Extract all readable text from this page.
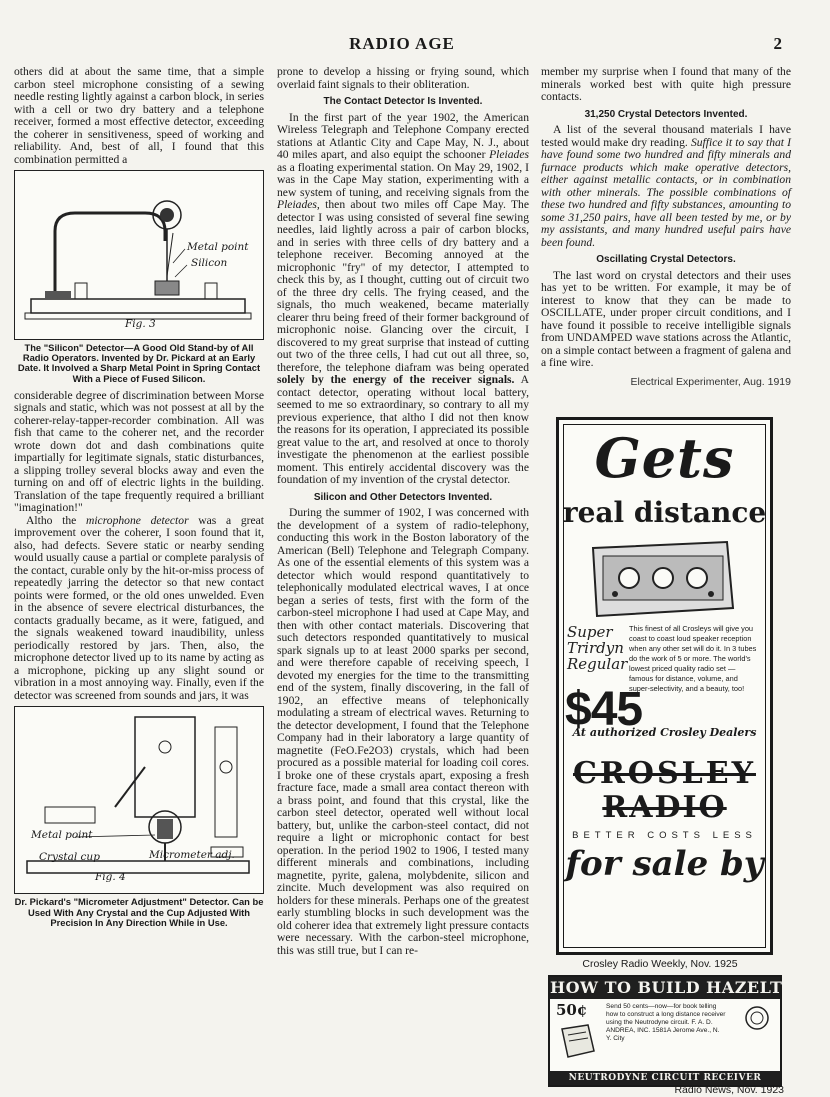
RADIO AGE	2

others did at about the same time, that a simple carbon steel microphone consisting of a sewing needle resting lightly against a carbon block, in series with a cell or two dry battery and a telephone receiver, formed a most effective detector, exceeding the coherer in sensitiveness, speed of working and reliability. And, best of all, I found that this combination permitted a

Metal point
Silicon
Fig. 3
The "Silicon" Detector—A Good Old Stand-by of All Radio Operators. Invented by Dr. Pickard at an Early Date. It Involved a Sharp Metal Point in Spring Contact With a Piece of Fused Silicon.

considerable degree of discrimination between Morse signals and static, which was not possest at all by the coherer-relay-tapper-recorder combination. All was fish that came to the coherer net, and the recorder wrote down dot and dash combinations quite impartially for legitimate signals, static disturbances, a slipping trolley several blocks away and even the turning on and off of electric lights in the building. Translation of the tape frequently required a brilliant "imagination!"

Altho the microphone detector was a great improvement over the coherer, I soon found that it, also, had defects. Severe static or nearby sending would usually cause a partial or complete paralysis of the contact, curable only by the hit-or-miss process of repeatedly jarring the detector so that new contact points were formed, or the old ones unwelded. Even in the absence of severe electrical disturbances, the contacts gradually became, as it were, fatigued, and the signals weakened toward inaudibility, unless periodically restored by jars. Then, also, the microphone detector lived up to its name by acting as a microphone, picking up any slight sound or vibration in a most annoying way. Finally, even if the detector was screened from sounds and jars, it was

Metal point
Crystal cup	Micrometer adj.
Fig. 4
Dr. Pickard's "Micrometer Adjustment" Detector. Can be Used With Any Crystal and the Cup Adjusted With Precision In Any Direction While in Use.

prone to develop a hissing or frying sound, which overlaid faint signals to their obliteration.

The Contact Detector Is Invented.

In the first part of the year 1902, the American Wireless Telegraph and Telephone Company erected stations at Atlantic City and Cape May, N. J., about 40 miles apart, and also equipt the schooner Pleiades as a floating experimental station. On May 29, 1902, I was in the Cape May station, experimenting with a new system of tuning, and receiving signals from the Pleiades, then about two miles off Cape May. The detector I was using consisted of several fine sewing needles, laid lightly across a pair of carbon blocks, and in series with three cells of dry battery and a telephone receiver. Becoming annoyed at the microphonic "fry" of my detector, I attempted to check this by, as I thought, cutting out of circuit two of the three dry cells. The frying ceased, and the signals, tho much weakened, became materially clearer thru being freed of their former background of microphonic noise. Glancing over the circuit, I discovered to my great surprise that instead of cutting out two of the three cells, I had cut out all three, so, therefore, the telephone diafram was being operated solely by the energy of the receiver signals. A contact detector, operating without local battery, seemed to me so extraordinary, so contrary to all my previous experience, that altho I did not then know the reasons for its operation, I appreciated its possible great value to the art, and resolved at once to thoroly investigate the phenomenon at the earliest possible moment. This entirely accidental discovery was the foundation of my invention of the crystal detector.

Silicon and Other Detectors Invented.

During the summer of 1902, I was concerned with the development of a system of radio-telephony, conducting this work in the Boston laboratory of the American (Bell) Telephone and Telegraph Company. As one of the essential elements of this system was a detector which would respond quantitatively to telephonically modulated electrical waves, I at once began a series of tests, first with the form of the carbon-steel microphone I had used at Cape May, and then with other contact materials. Discovering that such detectors responded quantitatively to musical spark signals up to at least 2000 sparks per second, and were therefore capable of receiving speech, I devoted my energies for the time to the transmitting end of the system, finally discovering, in the fall of 1902, an effective means of telephonically modulating a stream of electrical waves. Returning to the detector development, I found that the Telephone Company had in their laboratory a large quantity of magnetite (FeO.Fe2O3) crystals, which had been procured as a possible material for loading coil cores. I broke one of these crystals apart, exposing a fresh fracture face, made a small area contact thereon with a brass point, and found that this crystal, like the carbon steel detector, operated well without local battery, but, unlike the carbon-steel contact, did not require a light or microphonic contact for best operation. In the period 1902 to 1906, I tested many different minerals and combinations, including magnetite, pyrite, galena, molybdenite, silicon and zincite. Much development was also required on holders for these minerals. Perhaps one of the greatest early stumbling blocks in such development was the old coherer idea that extremely light pressure contacts were necessary. With the carbon-steel microphone, this was still true, but I can re-

member my surprise when I found that many of the minerals worked best with quite high pressure contacts.

31,250 Crystal Detectors Invented.

A list of the several thousand materials I have tested would make dry reading. Suffice it to say that I have found some two hundred and fifty minerals and furnace products which make operative detectors, either against metallic contacts, or in combination with other minerals. The possible combinations of these two hundred and fifty substances, amounting to some 31,250 pairs, have all been tested by me, or by my assistants, and many hundred useful pairs have been found.

Oscillating Crystal Detectors.

The last word on crystal detectors and their uses has yet to be written. For example, it may be of interest to know that they can be made to OSCILLATE, under proper circuit conditions, and I have found it possible to receive intelligible signals from UNDAMPED wave stations across the Atlantic, on a simple contact between a fragment of galena and a fine wire.

Electrical Experimenter, Aug. 1919
Gets
real distance
Super Trirdyn Regular
$45
This finest of all Crosleys will give you coast to coast loud speaker reception when any other set will do it. In 3 tubes do the work of 5 or more. The world's lowest priced quality radio set — famous for distance, volume, and super-selectivity, and a beauty, too!
At authorized Crosley Dealers
CROSLEY
RADIO
BETTER COSTS LESS
for sale by
Crosley Radio Weekly, Nov. 1925
HOW TO BUILD HAZELTINES
50¢	Send 50 cents—now—for book telling how to construct a long distance receiver using the Neutrodyne circuit. F. A. D. ANDREA, INC. 1581A Jerome Ave., N. Y. City
NEUTRODYNE CIRCUIT RECEIVER
Radio News, Nov. 1923
